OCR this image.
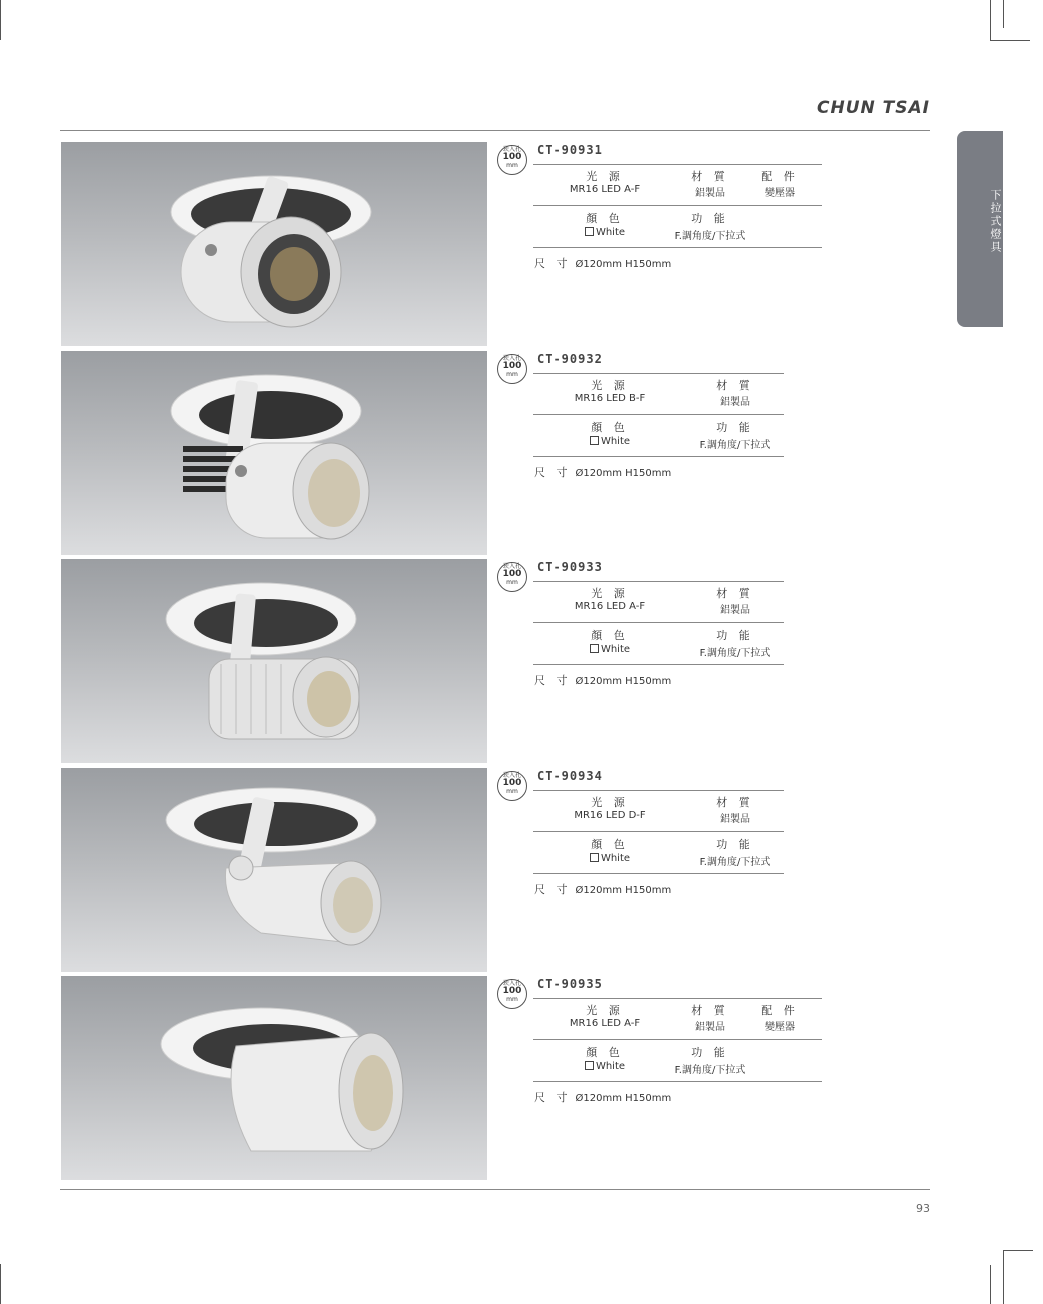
CHUN TSAI
下拉式燈具
93
崁入孔
100
mm
CT-90931
光 源
MR16 LED A-F
材 質
鋁製品
配 件
變壓器
顏 色
White
功 能
F.調角度/下拉式
尺 寸 Ø120mm H150mm
崁入孔
100
mm
CT-90932
光 源
MR16 LED B-F
材 質
鋁製品
顏 色
White
功 能
F.調角度/下拉式
尺 寸 Ø120mm H150mm
崁入孔
100
mm
CT-90933
光 源
MR16 LED A-F
材 質
鋁製品
顏 色
White
功 能
F.調角度/下拉式
尺 寸 Ø120mm H150mm
崁入孔
100
mm
CT-90934
光 源
MR16 LED D-F
材 質
鋁製品
顏 色
White
功 能
F.調角度/下拉式
尺 寸 Ø120mm H150mm
崁入孔
100
mm
CT-90935
光 源
MR16 LED A-F
材 質
鋁製品
配 件
變壓器
顏 色
White
功 能
F.調角度/下拉式
尺 寸 Ø120mm H150mm
